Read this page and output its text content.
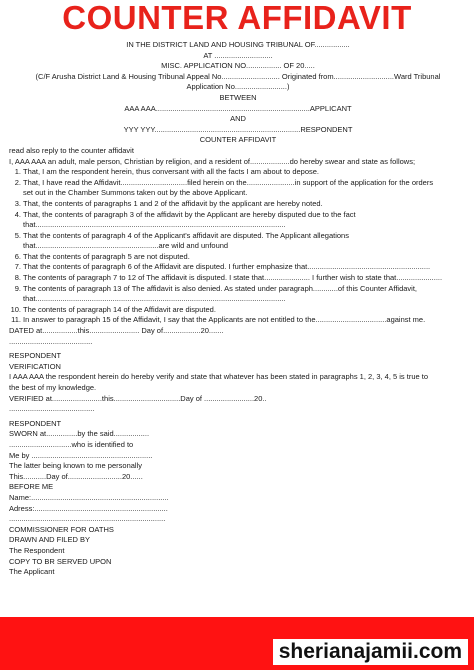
COUNTER AFFIDAVIT
IN THE DISTRICT LAND AND HOUSING TRIBUNAL OF.................
AT ............................
MISC. APPLICATION NO................. OF 20.....
(C/F Arusha District Land & Housing Tribunal Appeal No............................ Originated from.............................Ward Tribunal
Application No.........................)
BETWEEN
AAA AAA..........................................................................APPLICANT
AND
YYY YYY......................................................................RESPONDENT
COUNTER AFFIDAVIT
read also reply to the counter affidavit
I, AAA AAA an adult, male person, Christian by religion, and a resident of...................do hereby swear and state as follows;
1. That, I am the respondent herein, thus conversant with all the facts I am about to depose.
2. That, I have read the Affidavit................................filed herein on the.......................in support of the application for the orders
set out in the Chamber Summons taken out by the above Applicant.
3. That, the contents of paragraphs 1 and 2 of the affidavit by the applicant are hereby noted.
4. That, the contents of paragraph 3 of the affidavit by the Applicant are hereby disputed due to the fact
that........................................................................................................................
5. That the contents of paragraph 4 of the Applicant's affidavit are disputed. The Applicant allegations
that...........................................................are wild and unfound
6. That the contents of paragraph 5 are not disputed.
7. That the contents of paragraph 6 of the Affidavit are disputed. I further emphasize that...........................................................
8. The contents of paragraph 7 to 12 of The affidavit is disputed. I state that...................... I further wish to state that......................
9. The contents of paragraph 13 of The affidavit is also denied. As stated under paragraph............of this Counter Affidavit,
that........................................................................................................................
10. The contents of paragraph 14 of the Affidavit are disputed.
11. In answer to paragraph 15 of the Affidavit, I say that the Applicants are not entitled to the..................................against me.
DATED at.................this........................ Day of..................20.......
........................................
RESPONDENT
VERIFICATION
I AAA AAA the respondent herein do hereby verify and state that whatever has been stated in paragraphs 1, 2, 3, 4, 5 is true to
the best of my knowledge.
VERIFIED at........................this................................Day of ........................20..
.........................................
RESPONDENT
SWORN at...............by the said.................
..............................who is identified to
Me by ..........................................................
The latter being known to me personally
This...........Day of..........................20......
BEFORE ME
Name:..................................................................
Adress:................................................................
...........................................................................
COMMISSIONER FOR OATHS
DRAWN AND FILED BY
The Respondent
COPY TO BR SERVED UPON
The Applicant
sherianajamii.com
